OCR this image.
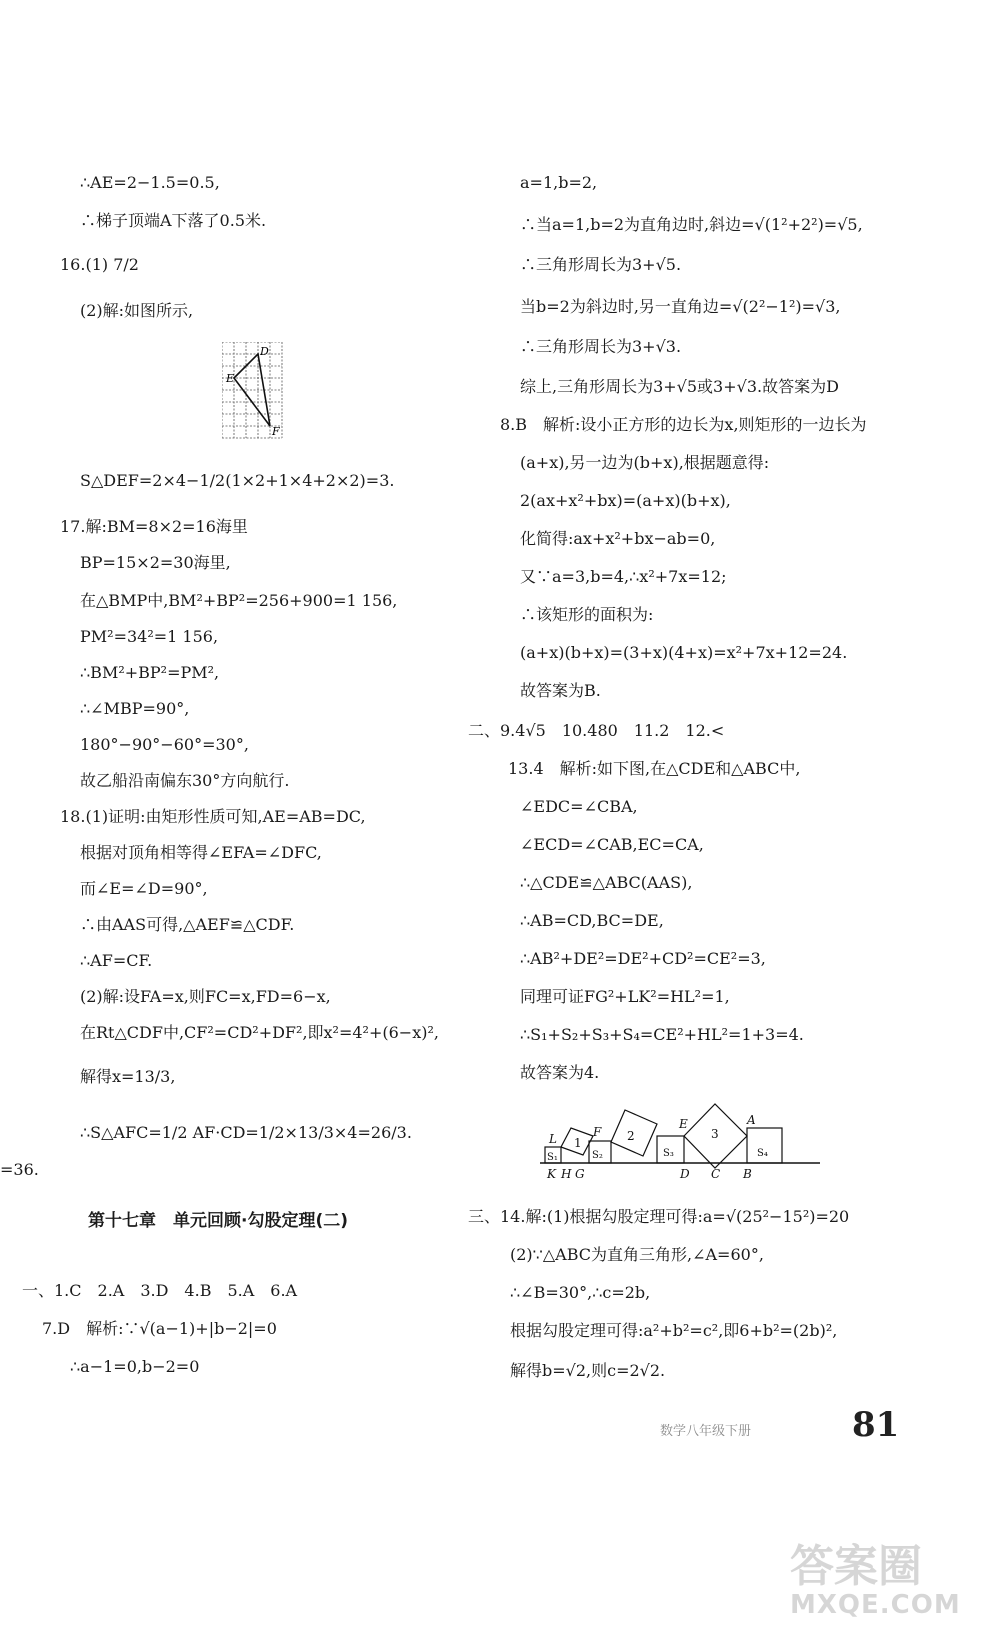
∴AE=2−1.5=0.5,
∴梯子顶端A下落了0.5米.
16.(1) 7/2
(2)解:如图所示,
D
E
F
S△DEF=2×4−1/2(1×2+1×4+2×2)=3.
17.解:BM=8×2=16海里
BP=15×2=30海里,
在△BMP中,BM²+BP²=256+900=1 156,
PM²=34²=1 156,
∴BM²+BP²=PM²,
∴∠MBP=90°,
180°−90°−60°=30°,
故乙船沿南偏东30°方向航行.
18.(1)证明:由矩形性质可知,AE=AB=DC,
根据对顶角相等得∠EFA=∠DFC,
而∠E=∠D=90°,
∴由AAS可得,△AEF≌△CDF.
∴AF=CF.
(2)解:设FA=x,则FC=x,FD=6−x,
在Rt△CDF中,CF²=CD²+DF²,即x²=4²+(6−x)²,
解得x=13/3,
∴S△AFC=1/2 AF·CD=1/2×13/3×4=26/3.
=36.
第十七章　单元回顾·勾股定理(二)
一、1.C　2.A　3.D　4.B　5.A　6.A
7.D　解析:∵√(a−1)+|b−2|=0
∴a−1=0,b−2=0
a=1,b=2,
∴当a=1,b=2为直角边时,斜边=√(1²+2²)=√5,
∴三角形周长为3+√5.
当b=2为斜边时,另一直角边=√(2²−1²)=√3,
∴三角形周长为3+√3.
综上,三角形周长为3+√5或3+√3.故答案为D
8.B　解析:设小正方形的边长为x,则矩形的一边长为
(a+x),另一边为(b+x),根据题意得:
2(ax+x²+bx)=(a+x)(b+x),
化简得:ax+x²+bx−ab=0,
又∵a=3,b=4,∴x²+7x=12;
∴该矩形的面积为:
(a+x)(b+x)=(3+x)(4+x)=x²+7x+12=24.
故答案为B.
二、9.4√5　10.480　11.2　12.<
13.4　解析:如下图,在△CDE和△ABC中,
∠EDC=∠CBA,
∠ECD=∠CAB,EC=CA,
∴△CDE≌△ABC(AAS),
∴AB=CD,BC=DE,
∴AB²+DE²=DE²+CD²=CE²=3,
同理可证FG²+LK²=HL²=1,
∴S₁+S₂+S₃+S₄=CE²+HL²=1+3=4.
故答案为4.
L
S₁
1
S₂
F 2
E
S₃
3
A
S₄
K H G	D C B
三、14.解:(1)根据勾股定理可得:a=√(25²−15²)=20
(2)∵△ABC为直角三角形,∠A=60°,
∴∠B=30°,∴c=2b,
根据勾股定理可得:a²+b²=c²,即6+b²=(2b)²,
解得b=√2,则c=2√2.
数学八年级下册	81
答案圈
MXQE.COM
